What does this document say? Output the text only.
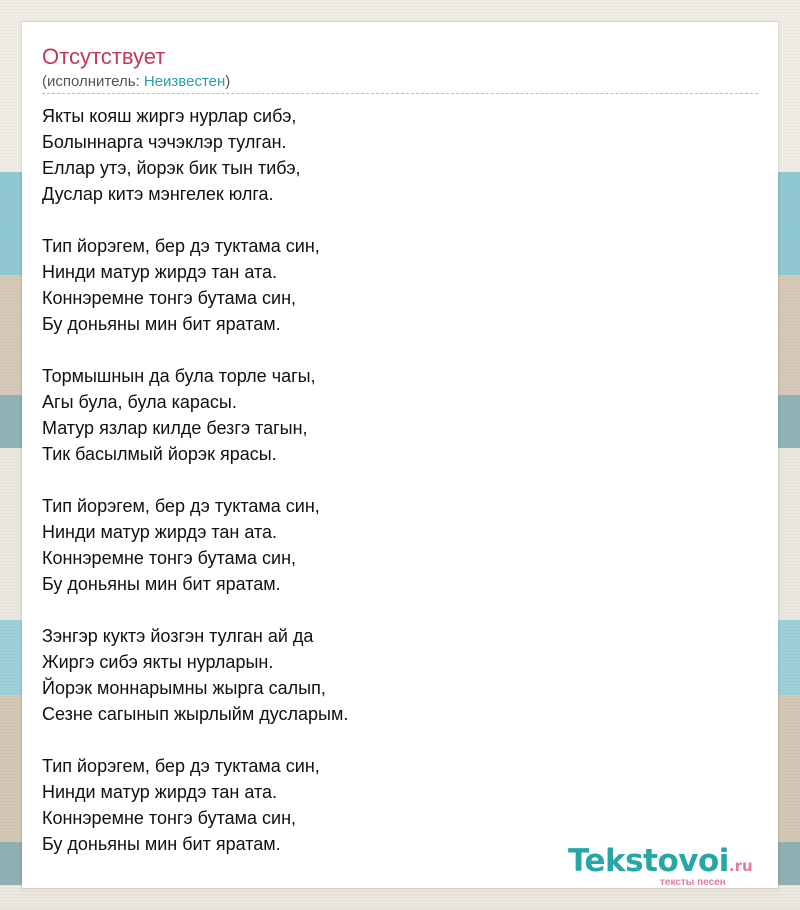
Отсутствует
(исполнитель: Неизвестен)
Якты кояш жиргэ нурлар сибэ,
Болыннарга чэчэклэр тулган.
Еллар утэ, йорэк бик тын тибэ,
Дуслар китэ мэнгелек юлга.
Тип йорэгем, бер дэ туктама син,
Нинди матур жирдэ тан ата.
Коннэремне тонгэ бутама син,
Бу доньяны мин бит яратам.
Тормышнын да була торле чагы,
Агы була, була карасы.
Матур язлар килде безгэ тагын,
Тик басылмый йорэк ярасы.
Тип йорэгем, бер дэ туктама син,
Нинди матур жирдэ тан ата.
Коннэремне тонгэ бутама син,
Бу доньяны мин бит яратам.
Зэнгэр куктэ йозгэн тулган ай да
Жиргэ сибэ якты нурларын.
Йорэк моннарымны жырга салып,
Сезне сагынып жырлыйм дусларым.
Тип йорэгем, бер дэ туктама син,
Нинди матур жирдэ тан ата.
Коннэремне тонгэ бутама син,
Бу доньяны мин бит яратам.	Tekstovoi.ru
тексты песен
